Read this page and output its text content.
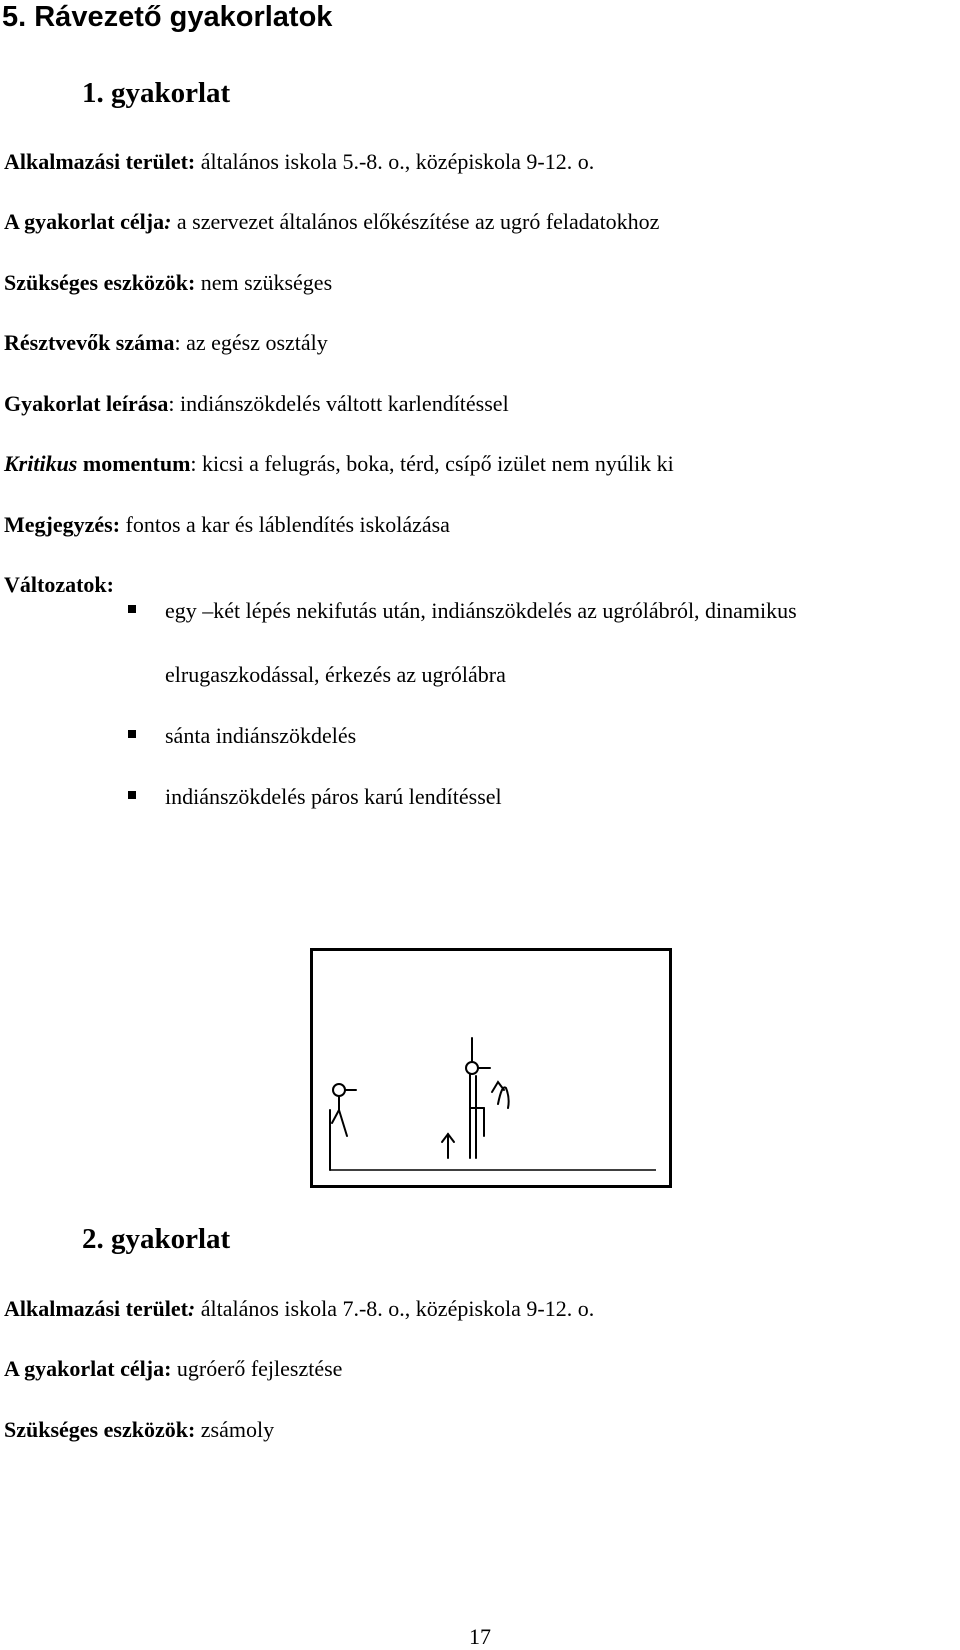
5. Rávezető gyakorlatok
1. gyakorlat
Alkalmazási terület: általános iskola 5.-8. o., középiskola 9-12. o.
A gyakorlat célja: a szervezet általános előkészítése az ugró feladatokhoz
Szükséges eszközök: nem szükséges
Résztvevők száma: az egész osztály
Gyakorlat leírása: indiánszökdelés váltott karlendítéssel
Kritikus momentum: kicsi a felugrás, boka, térd, csípő izület nem nyúlik ki
Megjegyzés: fontos a kar és láblendítés iskolázása
Változatok:
egy –két lépés nekifutás után, indiánszökdelés az ugrólábról, dinamikus
elrugaszkodással, érkezés az ugrólábra
sánta indiánszökdelés
indiánszökdelés páros karú lendítéssel
2. gyakorlat
Alkalmazási terület: általános iskola 7.-8. o., középiskola 9-12. o.
A gyakorlat célja: ugróerő fejlesztése
Szükséges eszközök: zsámoly
17
